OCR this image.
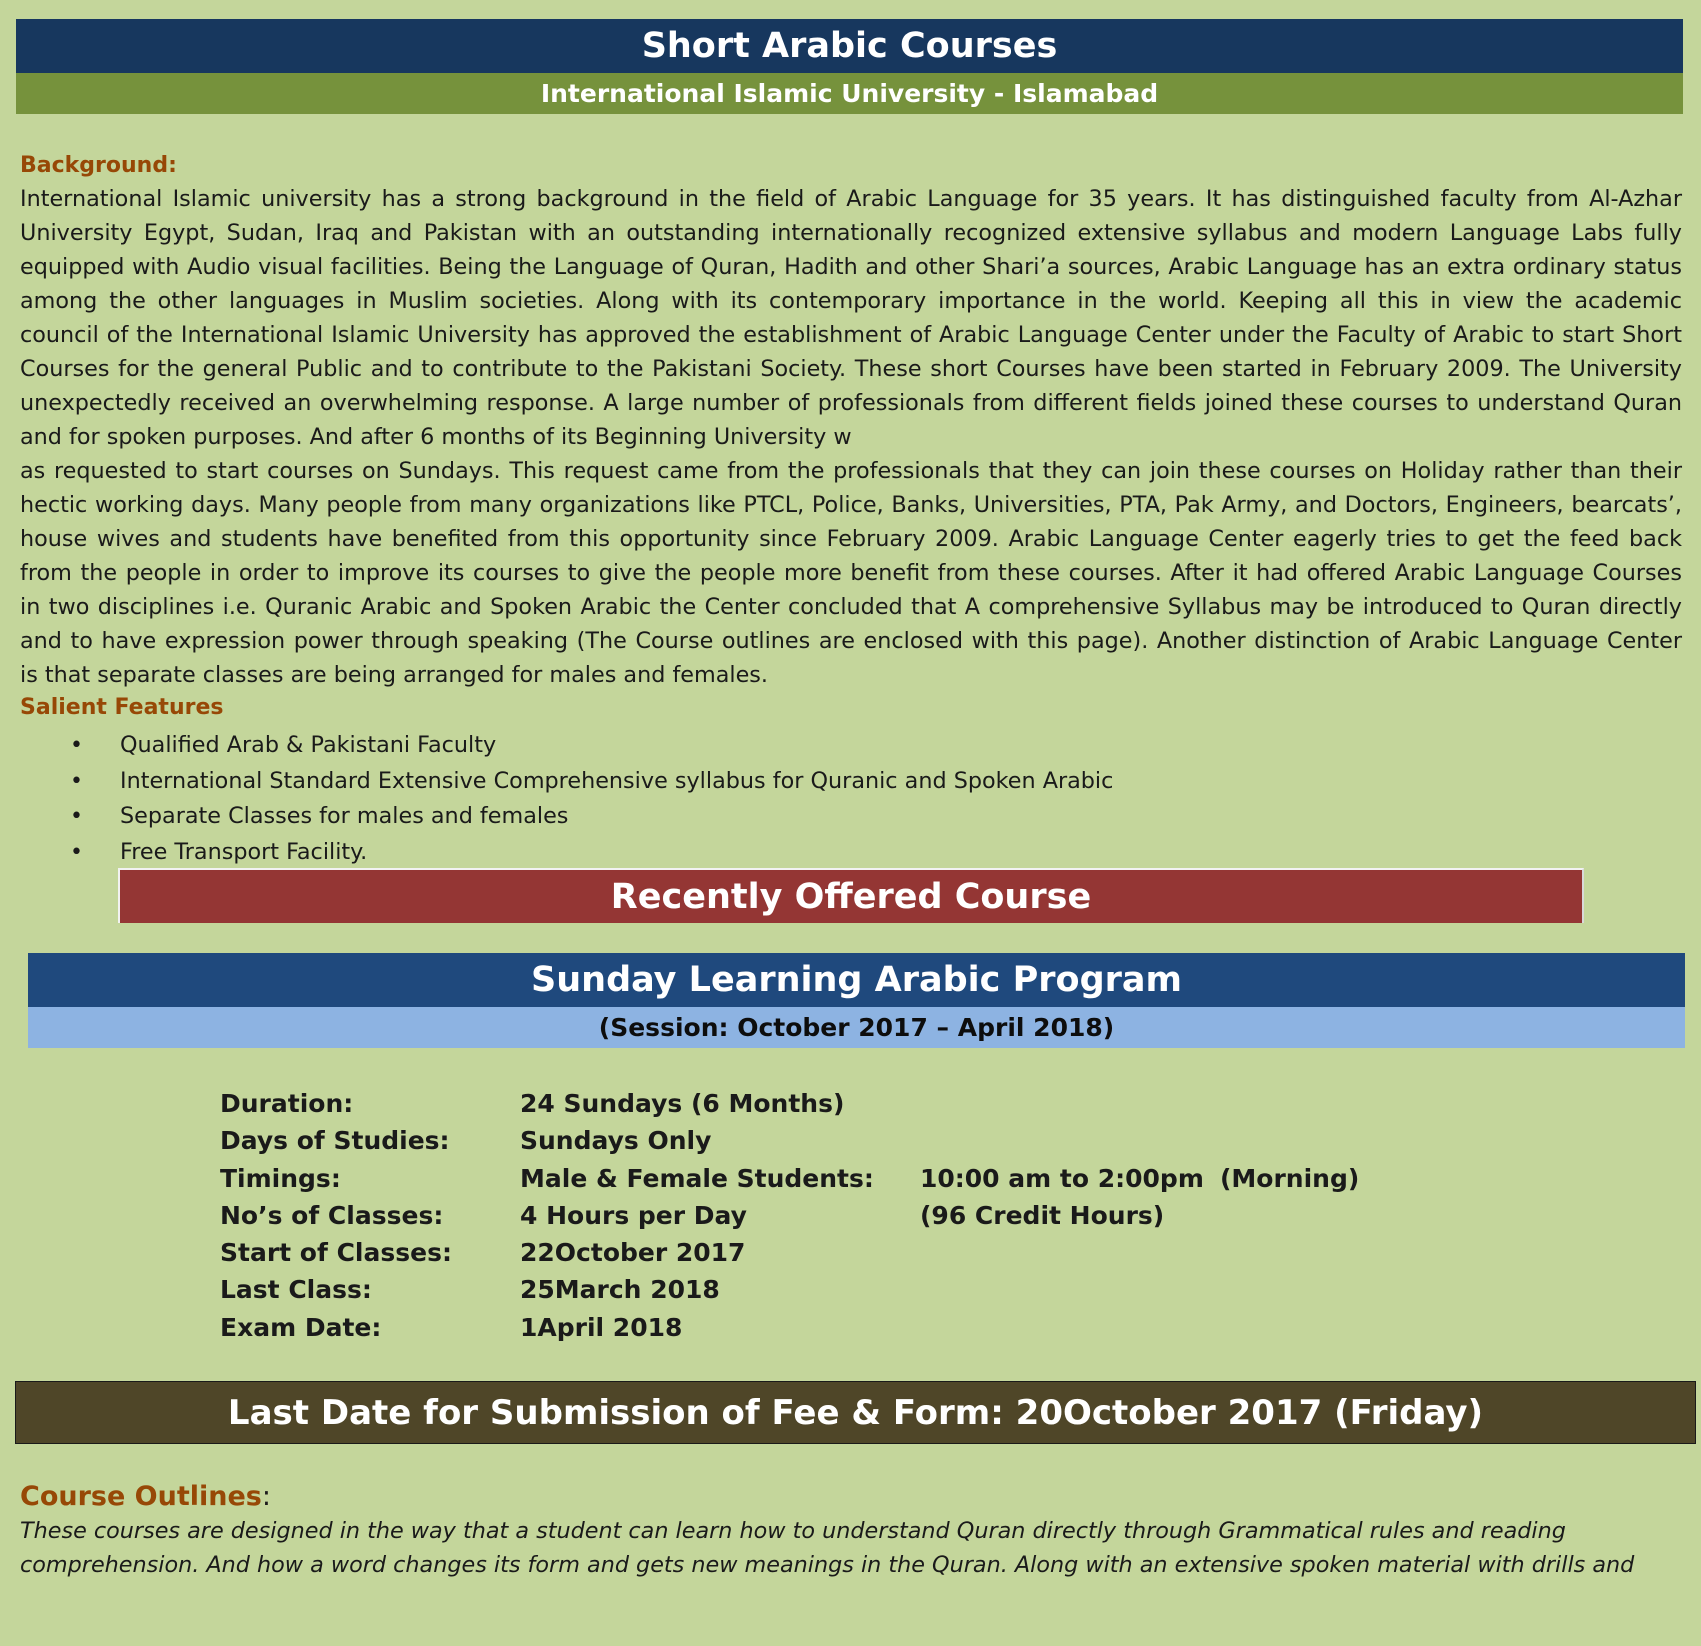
Short Arabic Courses
International Islamic University - Islamabad
Background:
International Islamic university has a strong background in the field of Arabic Language for 35 years. It has distinguished faculty from Al-Azhar
University Egypt, Sudan, Iraq and Pakistan with an outstanding internationally recognized extensive syllabus and modern Language Labs fully
equipped with Audio visual facilities. Being the Language of Quran, Hadith and other Shari’a sources, Arabic Language has an extra ordinary status
among the other languages in Muslim societies. Along with its contemporary importance in the world. Keeping all this in view the academic
council of the International Islamic University has approved the establishment of Arabic Language Center under the Faculty of Arabic to start Short
Courses for the general Public and to contribute to the Pakistani Society. These short Courses have been started in February 2009. The University
unexpectedly received an overwhelming response. A large number of professionals from different fields joined these courses to understand Quran
and for spoken purposes. And after 6 months of its Beginning University w
as requested to start courses on Sundays. This request came from the professionals that they can join these courses on Holiday rather than their
hectic working days. Many people from many organizations like PTCL, Police, Banks, Universities, PTA, Pak Army, and Doctors, Engineers, bearcats’,
house wives and students have benefited from this opportunity since February 2009. Arabic Language Center eagerly tries to get the feed back
from the people in order to improve its courses to give the people more benefit from these courses. After it had offered Arabic Language Courses
in two disciplines i.e. Quranic Arabic and Spoken Arabic the Center concluded that A comprehensive Syllabus may be introduced to Quran directly
and to have expression power through speaking (The Course outlines are enclosed with this page). Another distinction of Arabic Language Center
is that separate classes are being arranged for males and females.
Salient Features
• Qualified Arab & Pakistani Faculty
• International Standard Extensive Comprehensive syllabus for Quranic and Spoken Arabic
• Separate Classes for males and females
• Free Transport Facility.
Recently Offered Course
Sunday Learning Arabic Program
(Session: October 2017 – April 2018)
Duration:	24 Sundays (6 Months)
Days of Studies:	Sundays Only
Timings:	Male & Female Students: 10:00 am to 2:00pm (Morning)
No’s of Classes:	4 Hours per Day	(96 Credit Hours)
Start of Classes:	22October 2017
Last Class:	25March 2018
Exam Date:	1April 2018
Last Date for Submission of Fee & Form: 20October 2017 (Friday)
Course Outlines:
These courses are designed in the way that a student can learn how to understand Quran directly through Grammatical rules and reading
comprehension. And how a word changes its form and gets new meanings in the Quran. Along with an extensive spoken material with drills and
